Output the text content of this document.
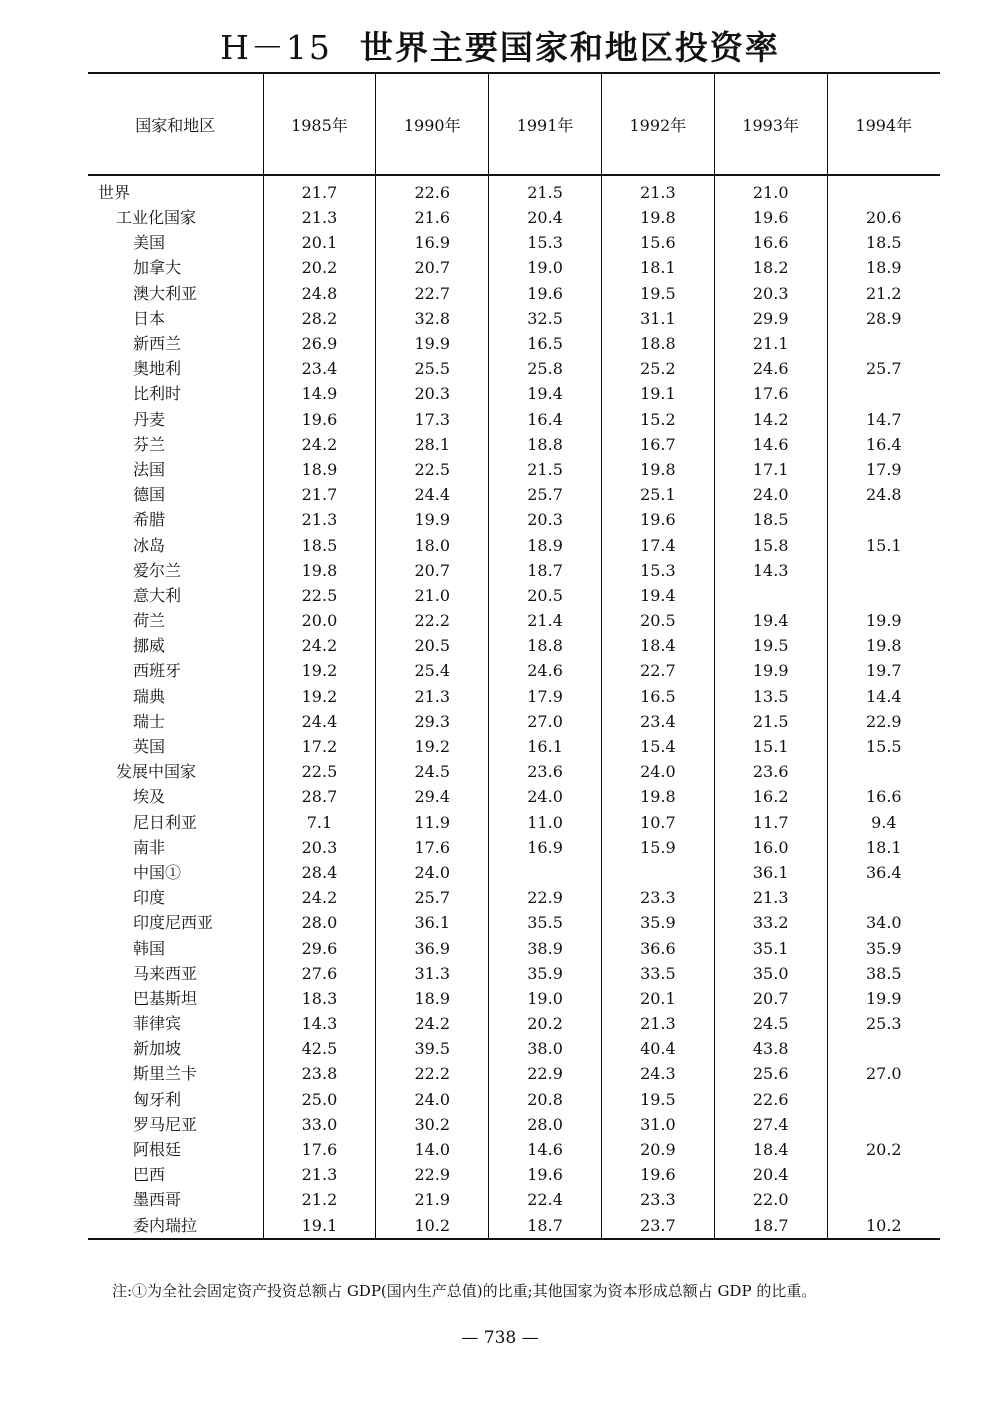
H－15 世界主要国家和地区投资率
国家和地区	1985年	1990年	1991年	1992年	1993年	1994年
世界	21.7	22.6	21.5	21.3	21.0	
工业化国家	21.3	21.6	20.4	19.8	19.6	20.6
美国	20.1	16.9	15.3	15.6	16.6	18.5
加拿大	20.2	20.7	19.0	18.1	18.2	18.9
澳大利亚	24.8	22.7	19.6	19.5	20.3	21.2
日本	28.2	32.8	32.5	31.1	29.9	28.9
新西兰	26.9	19.9	16.5	18.8	21.1	
奥地利	23.4	25.5	25.8	25.2	24.6	25.7
比利时	14.9	20.3	19.4	19.1	17.6	
丹麦	19.6	17.3	16.4	15.2	14.2	14.7
芬兰	24.2	28.1	18.8	16.7	14.6	16.4
法国	18.9	22.5	21.5	19.8	17.1	17.9
德国	21.7	24.4	25.7	25.1	24.0	24.8
希腊	21.3	19.9	20.3	19.6	18.5	
冰岛	18.5	18.0	18.9	17.4	15.8	15.1
爱尔兰	19.8	20.7	18.7	15.3	14.3	
意大利	22.5	21.0	20.5	19.4		
荷兰	20.0	22.2	21.4	20.5	19.4	19.9
挪威	24.2	20.5	18.8	18.4	19.5	19.8
西班牙	19.2	25.4	24.6	22.7	19.9	19.7
瑞典	19.2	21.3	17.9	16.5	13.5	14.4
瑞士	24.4	29.3	27.0	23.4	21.5	22.9
英国	17.2	19.2	16.1	15.4	15.1	15.5
发展中国家	22.5	24.5	23.6	24.0	23.6	
埃及	28.7	29.4	24.0	19.8	16.2	16.6
尼日利亚	7.1	11.9	11.0	10.7	11.7	9.4
南非	20.3	17.6	16.9	15.9	16.0	18.1
中国①	28.4	24.0			36.1	36.4
印度	24.2	25.7	22.9	23.3	21.3	
印度尼西亚	28.0	36.1	35.5	35.9	33.2	34.0
韩国	29.6	36.9	38.9	36.6	35.1	35.9
马来西亚	27.6	31.3	35.9	33.5	35.0	38.5
巴基斯坦	18.3	18.9	19.0	20.1	20.7	19.9
菲律宾	14.3	24.2	20.2	21.3	24.5	25.3
新加坡	42.5	39.5	38.0	40.4	43.8	
斯里兰卡	23.8	22.2	22.9	24.3	25.6	27.0
匈牙利	25.0	24.0	20.8	19.5	22.6	
罗马尼亚	33.0	30.2	28.0	31.0	27.4	
阿根廷	17.6	14.0	14.6	20.9	18.4	20.2
巴西	21.3	22.9	19.6	19.6	20.4	
墨西哥	21.2	21.9	22.4	23.3	22.0	
委内瑞拉	19.1	10.2	18.7	23.7	18.7	10.2
注:①为全社会固定资产投资总额占 GDP(国内生产总值)的比重;其他国家为资本形成总额占 GDP 的比重。
— 738 —
